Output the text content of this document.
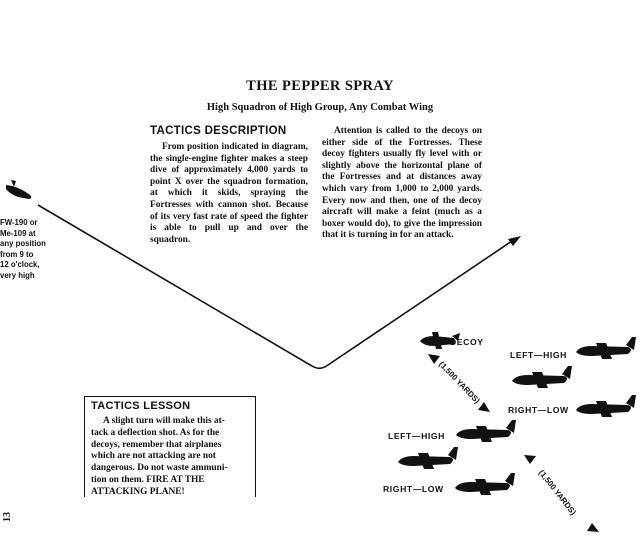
THE PEPPER SPRAY
High Squadron of High Group, Any Combat Wing
TACTICS DESCRIPTION
From position indicated in diagram, the single-engine fighter makes a steep dive of approximately 4,000 yards to point X over the squadron formation, at which it skids, spraying the Fortresses with cannon shot. Because of its very fast rate of speed the fighter is able to pull up and over the squadron.
Attention is called to the decoys on either side of the Fortresses. These decoy fighters usually fly level with or slightly above the horizontal plane of the Fortresses and at distances away which vary from 1,000 to 2,000 yards. Every now and then, one of the decoy aircraft will make a feint (much as a boxer would do), to give the impression that it is turning in for an attack.
FW-190 or
Me-109 at
any position
from 9 to
12 o'clock,
very high
TACTICS LESSON
A slight turn will make this at-
tack a deflection shot. As for the
decoys, remember that airplanes
which are not attacking are not
dangerous. Do not waste ammuni-
tion on them. FIRE AT THE
ATTACKING PLANE!
DECOY
LEFT—HIGH
RIGHT—LOW
LEFT—HIGH
RIGHT—LOW
(1,500 YARDS)
(1,500 YARDS)
13
